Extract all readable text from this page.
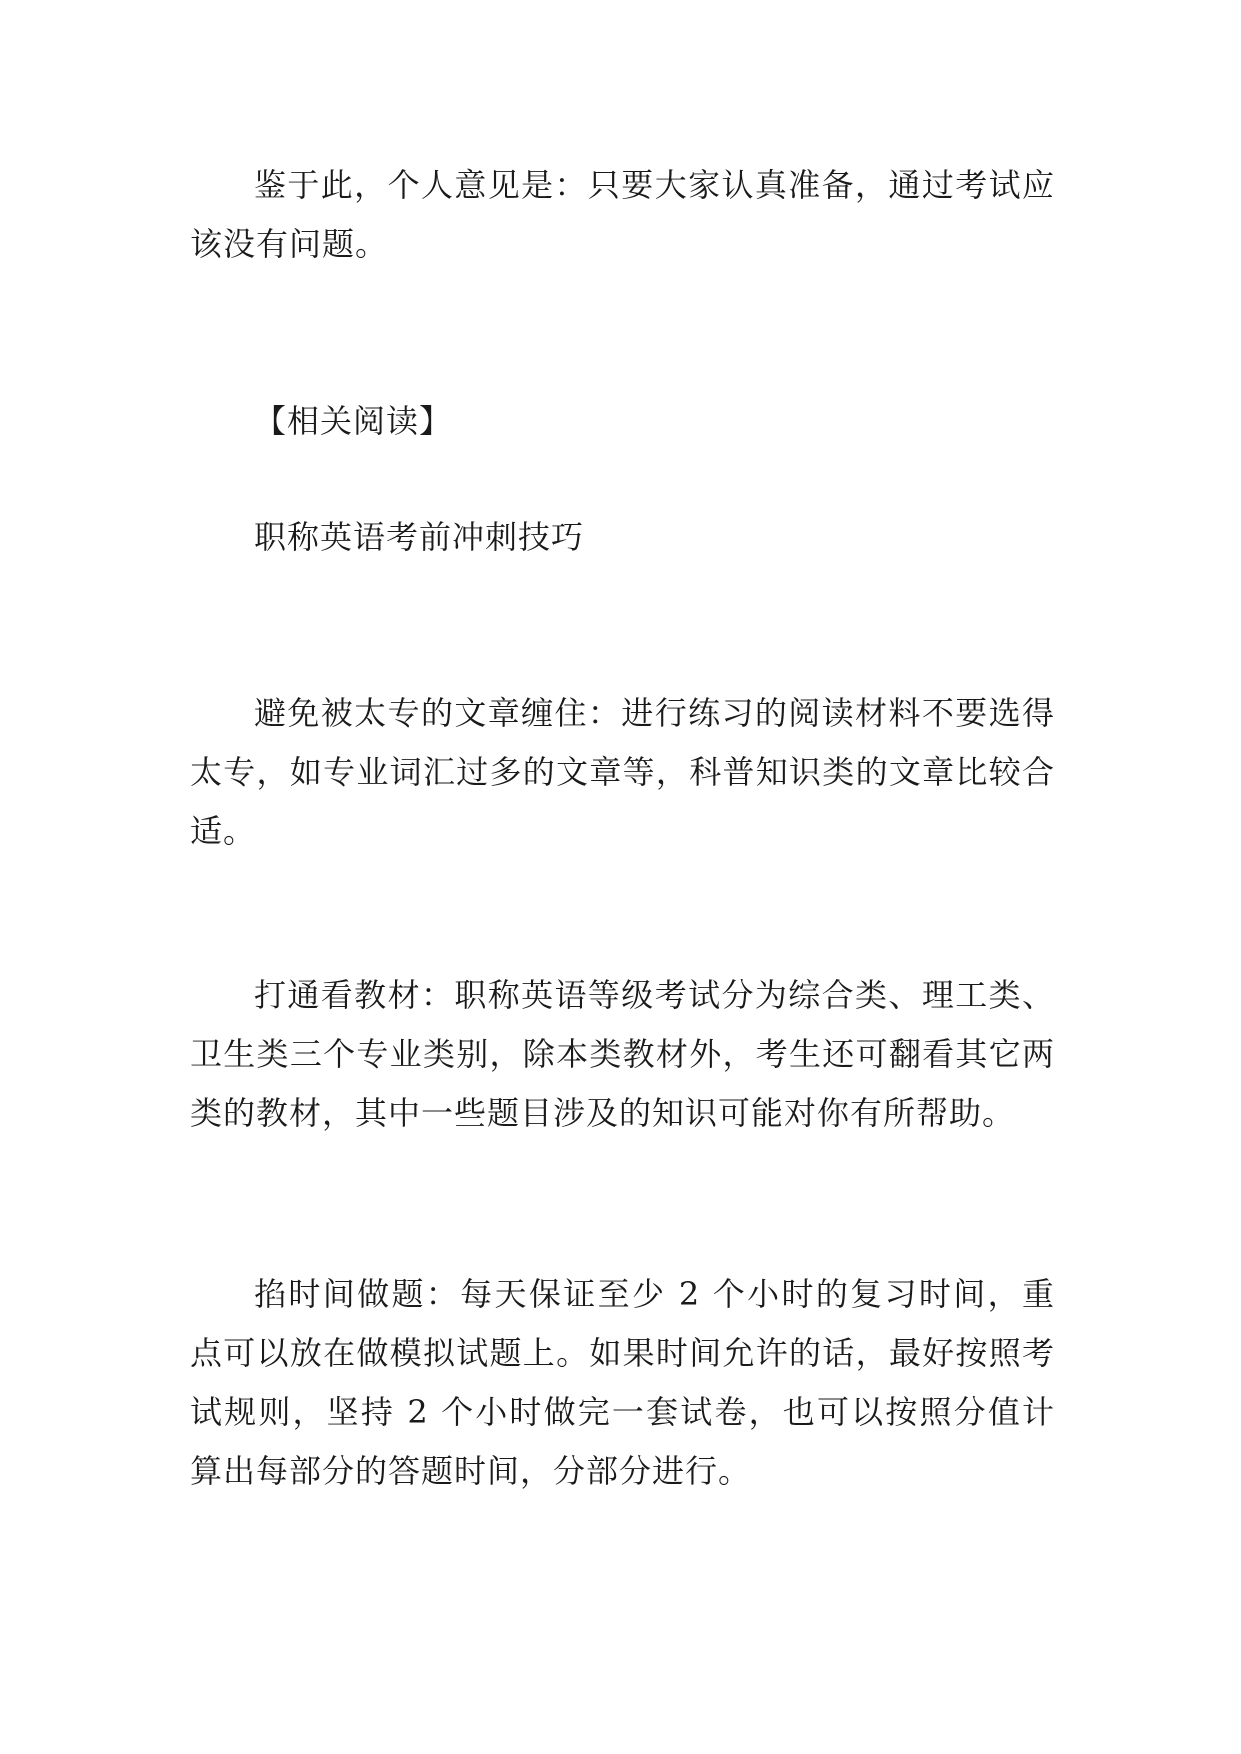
鉴于此，个人意见是：只要大家认真准备，通过考试应该没有问题。

【相关阅读】

职称英语考前冲刺技巧

避免被太专的文章缠住：进行练习的阅读材料不要选得太专，如专业词汇过多的文章等，科普知识类的文章比较合适。

打通看教材：职称英语等级考试分为综合类、理工类、卫生类三个专业类别，除本类教材外，考生还可翻看其它两类的教材，其中一些题目涉及的知识可能对你有所帮助。

掐时间做题：每天保证至少 2 个小时的复习时间，重点可以放在做模拟试题上。如果时间允许的话，最好按照考试规则，坚持 2 个小时做完一套试卷，也可以按照分值计算出每部分的答题时间，分部分进行。
